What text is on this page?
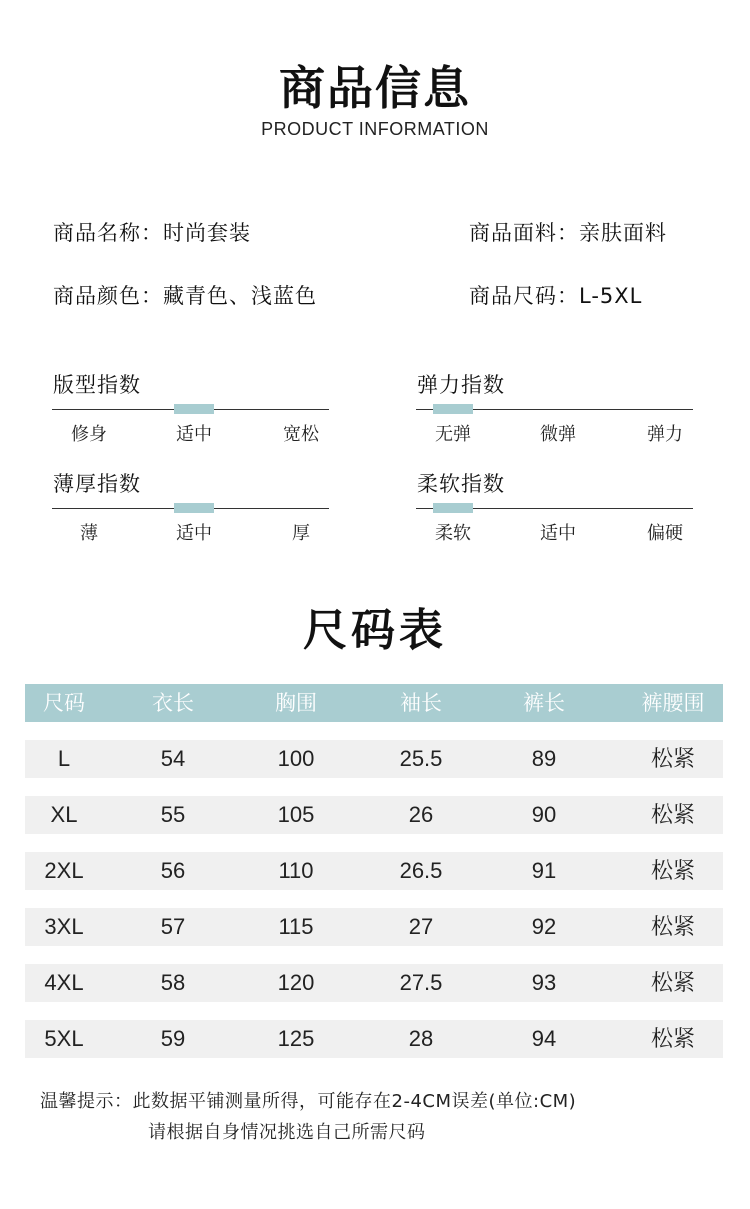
商品信息
PRODUCT INFORMATION
商品名称：时尚套装	商品面料：亲肤面料
商品颜色：藏青色、浅蓝色	商品尺码：L-5XL
版型指数
修身	适中	宽松
弹力指数
无弹	微弹	弹力
薄厚指数
薄	适中	厚
柔软指数
柔软	适中	偏硬
尺码表
尺码	衣长	胸围	袖长	裤长	裤腰围
L	54	100	25.5	89	松紧
XL	55	105	26	90	松紧
2XL	56	110	26.5	91	松紧
3XL	57	115	27	92	松紧
4XL	58	120	27.5	93	松紧
5XL	59	125	28	94	松紧
温馨提示：此数据平铺测量所得，可能存在2-4CM误差(单位:CM)
请根据自身情况挑选自己所需尺码
